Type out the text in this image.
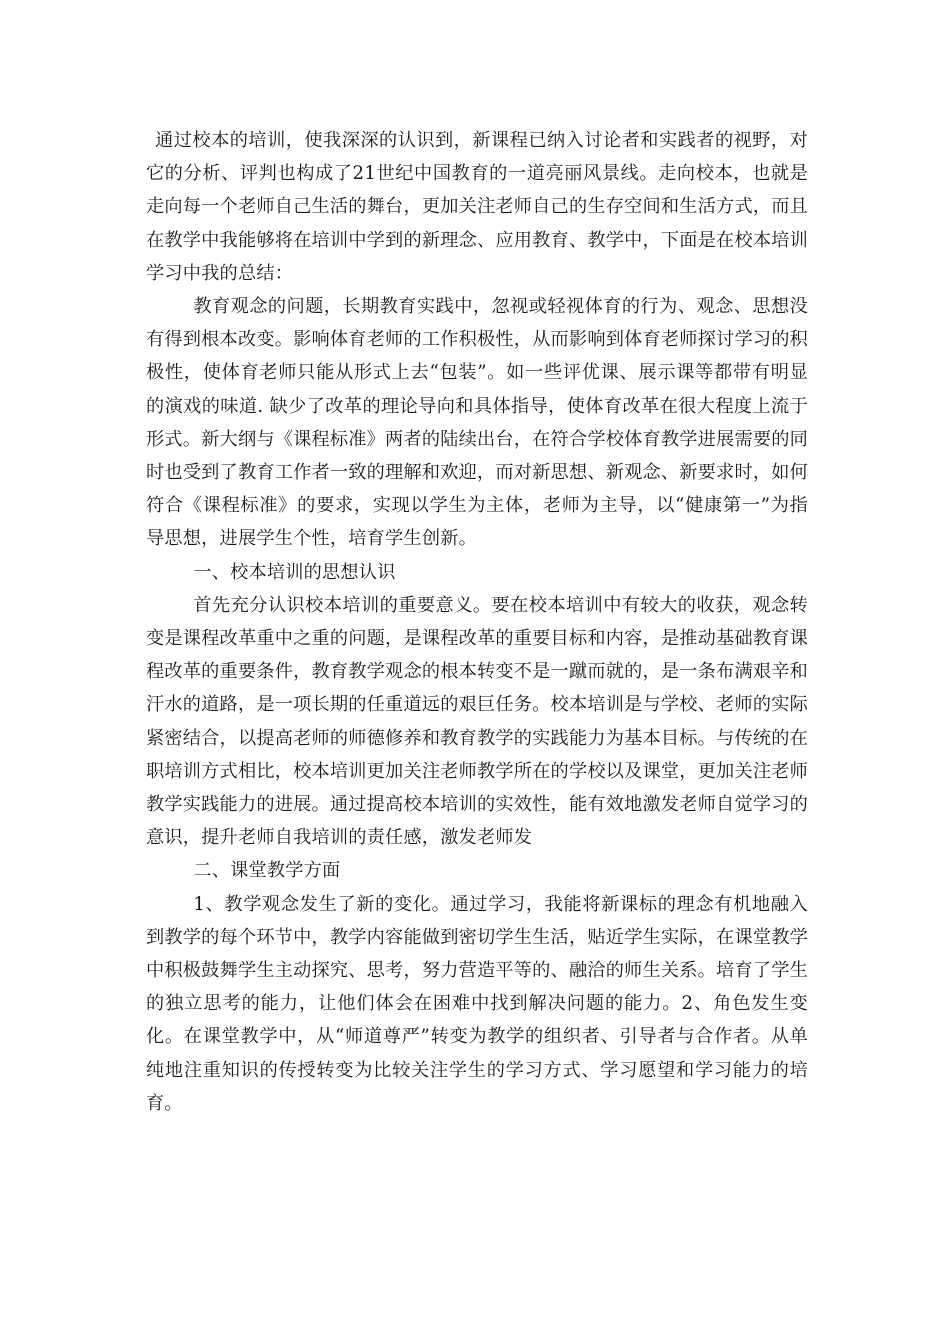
通过校本的培训，使我深深的认识到，新课程已纳入讨论者和实践者的视野，对它的分析、评判也构成了21世纪中国教育的一道亮丽风景线。走向校本，也就是走向每一个老师自己生活的舞台，更加关注老师自己的生存空间和生活方式，而且在教学中我能够将在培训中学到的新理念、应用教育、教学中，下面是在校本培训学习中我的总结：

教育观念的问题，长期教育实践中，忽视或轻视体育的行为、观念、思想没有得到根本改变。影响体育老师的工作积极性，从而影响到体育老师探讨学习的积极性，使体育老师只能从形式上去“包装”。如一些评优课、展示课等都带有明显的演戏的味道. 缺少了改革的理论导向和具体指导，使体育改革在很大程度上流于形式。新大纲与《课程标准》两者的陆续出台，在符合学校体育教学进展需要的同时也受到了教育工作者一致的理解和欢迎，而对新思想、新观念、新要求时，如何符合《课程标准》的要求，实现以学生为主体，老师为主导，以“健康第一”为指导思想，进展学生个性，培育学生创新。

一、校本培训的思想认识

首先充分认识校本培训的重要意义。要在校本培训中有较大的收获，观念转变是课程改革重中之重的问题，是课程改革的重要目标和内容，是推动基础教育课程改革的重要条件，教育教学观念的根本转变不是一蹴而就的，是一条布满艰辛和汗水的道路，是一项长期的任重道远的艰巨任务。校本培训是与学校、老师的实际紧密结合，以提高老师的师德修养和教育教学的实践能力为基本目标。与传统的在职培训方式相比，校本培训更加关注老师教学所在的学校以及课堂，更加关注老师教学实践能力的进展。通过提高校本培训的实效性，能有效地激发老师自觉学习的意识，提升老师自我培训的责任感，激发老师发

二、课堂教学方面

1、教学观念发生了新的变化。通过学习，我能将新课标的理念有机地融入到教学的每个环节中，教学内容能做到密切学生生活，贴近学生实际，在课堂教学中积极鼓舞学生主动探究、思考，努力营造平等的、融洽的师生关系。培育了学生的独立思考的能力，让他们体会在困难中找到解决问题的能力。2、角色发生变化。在课堂教学中，从“师道尊严”转变为教学的组织者、引导者与合作者。从单纯地注重知识的传授转变为比较关注学生的学习方式、学习愿望和学习能力的培育。
